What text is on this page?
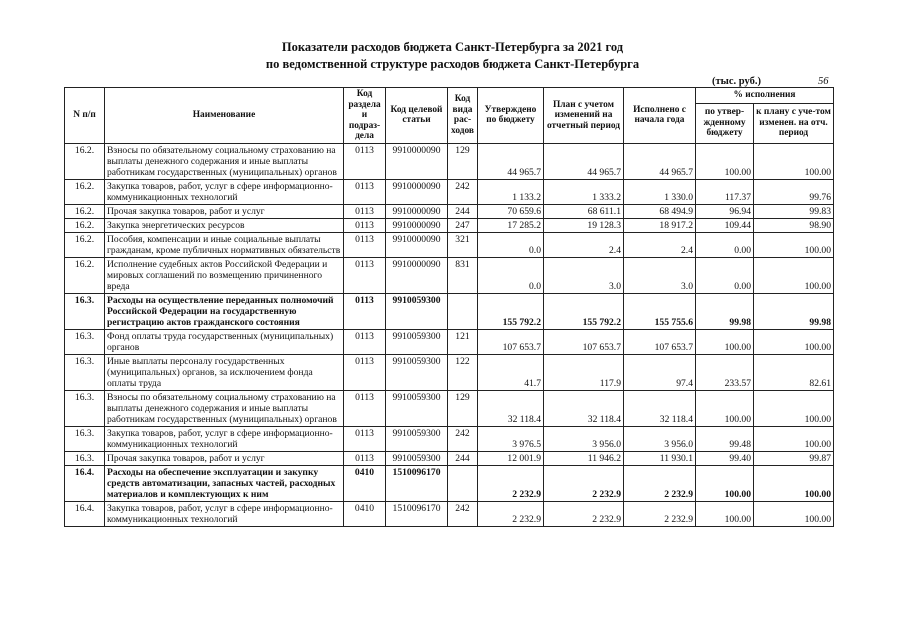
Показатели расходов бюджета Санкт-Петербурга за 2021 год
по ведомственной структуре расходов бюджета Санкт-Петербурга
(тыс. руб.)	56
N п/п	Наименование	Код раздела и подраз-дела	Код целевой статьи	Код вида рас-ходов	Утверждено по бюджету	План с учетом изменений на отчетный период	Исполнено с начала года	% исполнения	
								по утвер-жденному бюджету	к плану с уче-том изменен. на отч. период
16.2.	Взносы по обязательному социальному страхованию на выплаты денежного содержания и иные выплаты работникам государственных (муниципальных) органов	0113	9910000090	129	44 965.7	44 965.7	44 965.7	100.00	100.00
16.2.	Закупка товаров, работ, услуг в сфере информационно-коммуникационных технологий	0113	9910000090	242	1 133.2	1 333.2	1 330.0	117.37	99.76
16.2.	Прочая закупка товаров, работ и услуг	0113	9910000090	244	70 659.6	68 611.1	68 494.9	96.94	99.83
16.2.	Закупка энергетических ресурсов	0113	9910000090	247	17 285.2	19 128.3	18 917.2	109.44	98.90
16.2.	Пособия, компенсации и иные социальные выплаты гражданам, кроме публичных нормативных обязательств	0113	9910000090	321	0.0	2.4	2.4	0.00	100.00
16.2.	Исполнение судебных актов Российской Федерации и мировых соглашений по возмещению причиненного вреда	0113	9910000090	831	0.0	3.0	3.0	0.00	100.00
16.3.	Расходы на осуществление переданных полномочий Российской Федерации на государственную регистрацию актов гражданского состояния	0113	9910059300		155 792.2	155 792.2	155 755.6	99.98	99.98
16.3.	Фонд оплаты труда государственных (муниципальных) органов	0113	9910059300	121	107 653.7	107 653.7	107 653.7	100.00	100.00
16.3.	Иные выплаты персоналу государственных (муниципальных) органов, за исключением фонда оплаты труда	0113	9910059300	122	41.7	117.9	97.4	233.57	82.61
16.3.	Взносы по обязательному социальному страхованию на выплаты денежного содержания и иные выплаты работникам государственных (муниципальных) органов	0113	9910059300	129	32 118.4	32 118.4	32 118.4	100.00	100.00
16.3.	Закупка товаров, работ, услуг в сфере информационно-коммуникационных технологий	0113	9910059300	242	3 976.5	3 956.0	3 956.0	99.48	100.00
16.3.	Прочая закупка товаров, работ и услуг	0113	9910059300	244	12 001.9	11 946.2	11 930.1	99.40	99.87
16.4.	Расходы на обеспечение эксплуатации и закупку средств автоматизации, запасных частей, расходных материалов и комплектующих к ним	0410	1510096170		2 232.9	2 232.9	2 232.9	100.00	100.00
16.4.	Закупка товаров, работ, услуг в сфере информационно-коммуникационных технологий	0410	1510096170	242	2 232.9	2 232.9	2 232.9	100.00	100.00
